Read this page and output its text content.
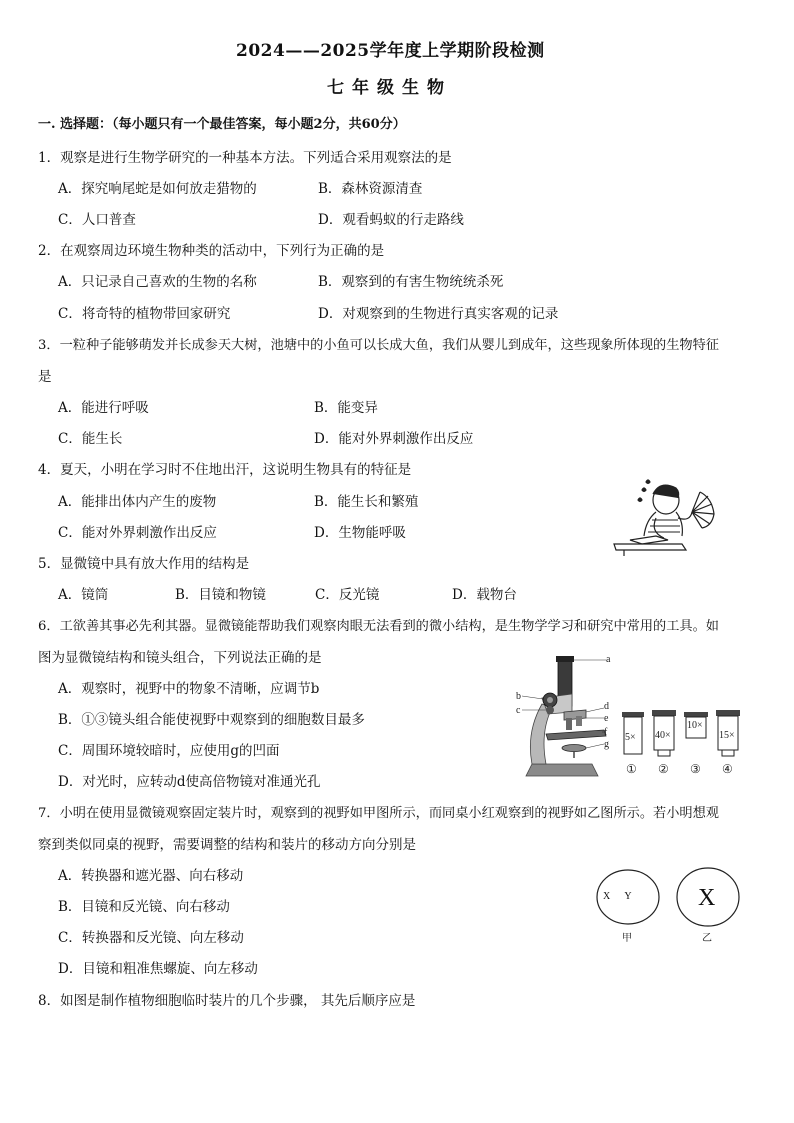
2024——2025学年度上学期阶段检测
七年级生物
一. 选择题：（每小题只有一个最佳答案，每小题2分，共60分）
1．观察是进行生物学研究的一种基本方法。下列适合采用观察法的是
A．探究响尾蛇是如何放走猎物的	B．森林资源清查
C．人口普查	D．观看蚂蚁的行走路线
2．在观察周边环境生物种类的活动中，下列行为正确的是
A．只记录自己喜欢的生物的名称	B．观察到的有害生物统统杀死
C．将奇特的植物带回家研究	D．对观察到的生物进行真实客观的记录
3．一粒种子能够萌发并长成参天大树，池塘中的小鱼可以长成大鱼，我们从婴儿到成年，这些现象所体现的生物特征
是
A．能进行呼吸	B．能变异
C．能生长	D．能对外界刺激作出反应
4．夏天，小明在学习时不住地出汗，这说明生物具有的特征是
A．能排出体内产生的废物	B．能生长和繁殖
C．能对外界刺激作出反应	D．生物能呼吸
5．显微镜中具有放大作用的结构是
A．镜筒	B．目镜和物镜	C．反光镜	D．载物台
6．工欲善其事必先利其器。显微镜能帮助我们观察肉眼无法看到的微小结构，是生物学学习和研究中常用的工具。如
图为显微镜结构和镜头组合，下列说法正确的是
A．观察时，视野中的物象不清晰，应调节b
B．①③镜头组合能使视野中观察到的细胞数目最多
C．周围环境较暗时，应使用g的凹面
D．对光时，应转动d使高倍物镜对准通光孔
a
b
c	d
e
f
g
5× 40×
10×
15×
① ② ③ ④
7．小明在使用显微镜观察固定装片时，观察到的视野如甲图所示，而同桌小红观察到的视野如乙图所示。若小明想观
察到类似同桌的视野，需要调整的结构和装片的移动方向分别是
A．转换器和遮光器、向右移动
B．目镜和反光镜、向右移动
C．转换器和反光镜、向左移动
D．目镜和粗准焦螺旋、向左移动
X Y
甲
X
乙
8．如图是制作植物细胞临时装片的几个步骤， 其先后顺序应是
